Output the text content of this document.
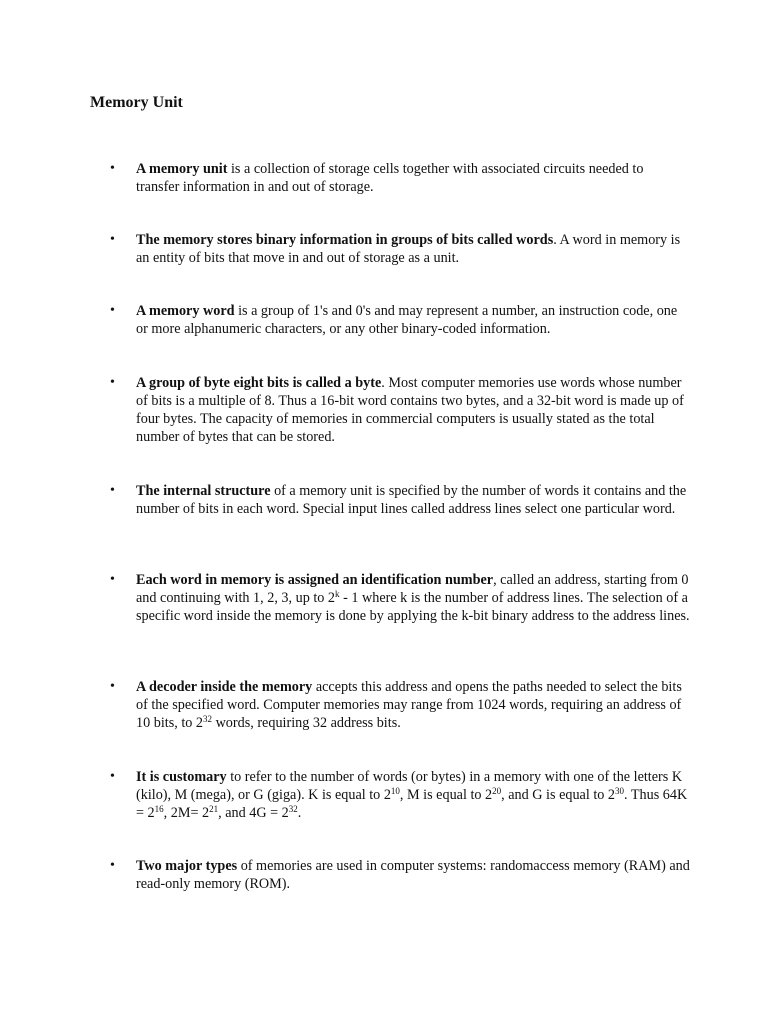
Memory Unit
•	A memory unit is a collection of storage cells together with associated circuits needed to transfer information in and out of storage.
•	The memory stores binary information in groups of bits called words. A word in memory is an entity of bits that move in and out of storage as a unit.
•	A memory word is a group of 1's and 0's and may represent a number, an instruction code, one or more alphanumeric characters, or any other binary-coded information.
•	A group of byte eight bits is called a byte. Most computer memories use words whose number of bits is a multiple of 8. Thus a 16-bit word contains two bytes, and a 32-bit word is made up of four bytes. The capacity of memories in commercial computers is usually stated as the total number of bytes that can be stored.
•	The internal structure of a memory unit is specified by the number of words it contains and the number of bits in each word. Special input lines called address lines select one particular word.
•	Each word in memory is assigned an identification number, called an address, starting from 0 and continuing with 1, 2, 3, up to 2$^k$ - 1 where k is the number of address lines. The selection of a specific word inside the memory is done by applying the k-bit binary address to the address lines.
•	A decoder inside the memory accepts this address and opens the paths needed to select the bits of the specified word. Computer memories may range from 1024 words, requiring an address of 10 bits, to $2^{32}$ words, requiring 32 address bits.
•	It is customary to refer to the number of words (or bytes) in a memory with one of the letters K (kilo), M (mega), or G (giga). K is equal to $2^{10}$, M is equal to $2^{20}$, and G is equal to $2^{30}$. Thus $64K = 2^{16}$, $2M= 2^{21}$, and $4G = 2^{32}$.
•	Two major types of memories are used in computer systems: randomaccess memory (RAM) and read-only memory (ROM).
